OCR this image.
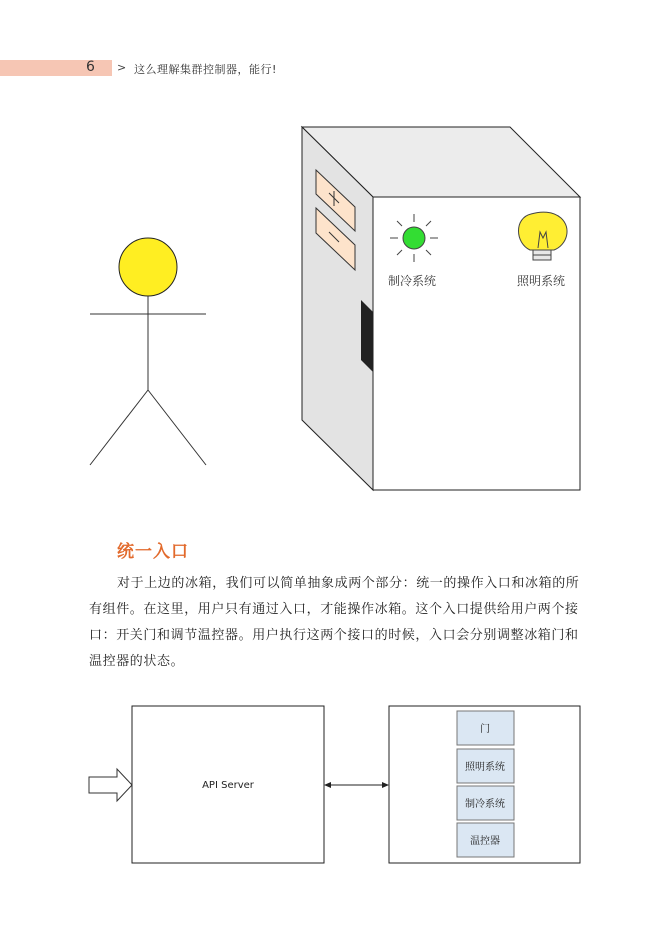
6 > 这么理解集群控制器，能行!
制冷系统	照明系统
API Server
门
照明系统
制冷系统
温控器
统一入口
对于上边的冰箱，我们可以简单抽象成两个部分：统一的操作入口和冰箱的所有组件。在这里，用户只有通过入口，才能操作冰箱。这个入口提供给用户两个接口：开关门和调节温控器。用户执行这两个接口的时候，入口会分别调整冰箱门和温控器的状态。
